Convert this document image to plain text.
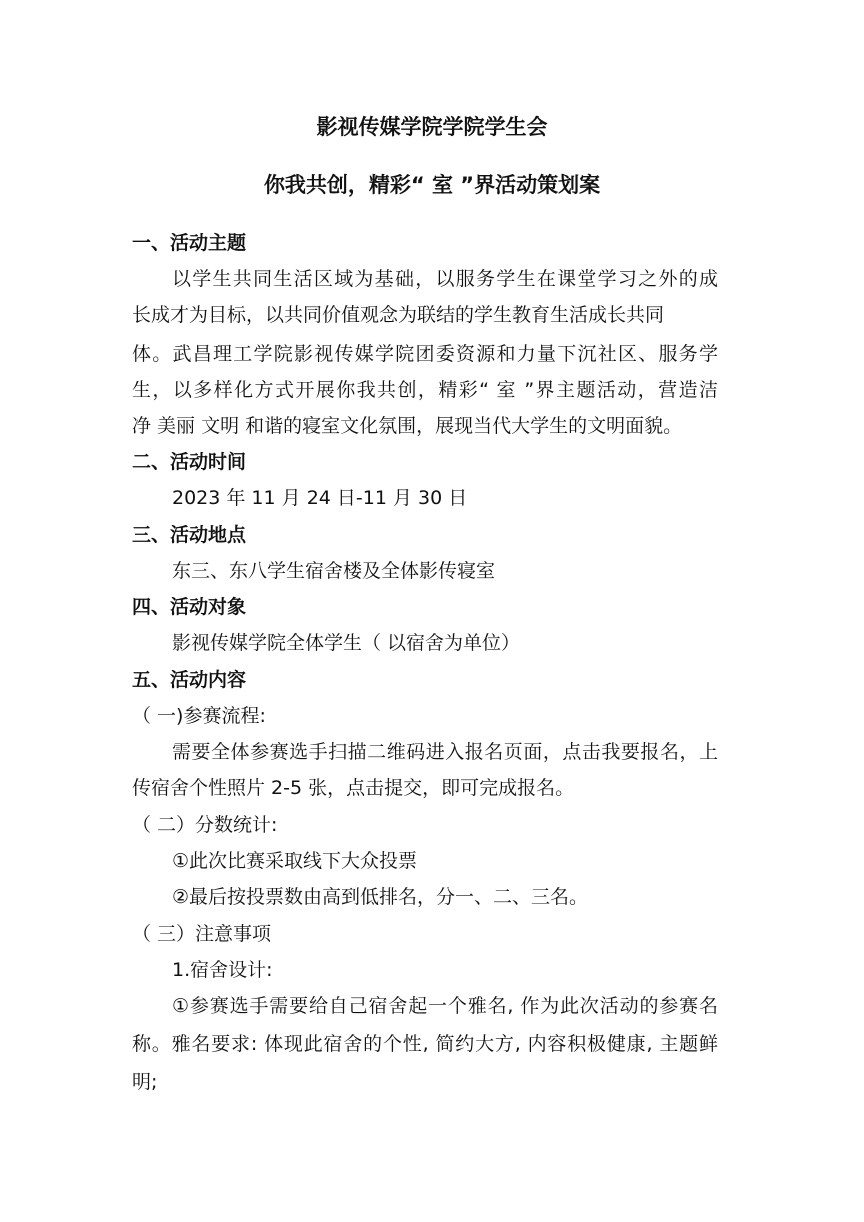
影视传媒学院学院学生会
你我共创，精彩“ 室 ”界活动策划案
一、活动主题
以学生共同生活区域为基础，以服务学生在课堂学习之外的成
长成才为目标，以共同价值观念为联结的学生教育生活成长共同
体。武昌理工学院影视传媒学院团委资源和力量下沉社区、服务学
生，以多样化方式开展你我共创，精彩“ 室 ”界主题活动，营造洁
净 美丽 文明 和谐的寝室文化氛围，展现当代大学生的文明面貌。
二、活动时间
2023 年 11 月 24 日-11 月 30 日
三、活动地点
东三、东八学生宿舍楼及全体影传寝室
四、活动对象
影视传媒学院全体学生（ 以宿舍为单位）
五、活动内容
（ 一)参赛流程:
需要全体参赛选手扫描二维码进入报名页面，点击我要报名，上
传宿舍个性照片 2-5 张，点击提交，即可完成报名。
（ 二）分数统计:
①此次比赛采取线下大众投票
②最后按投票数由高到低排名，分一、二、三名。
（ 三）注意事项
1.宿舍设计:
①参赛选手需要给自己宿舍起一个雅名, 作为此次活动的参赛名
称。雅名要求: 体现此宿舍的个性, 简约大方, 内容积极健康, 主题鲜
明;
